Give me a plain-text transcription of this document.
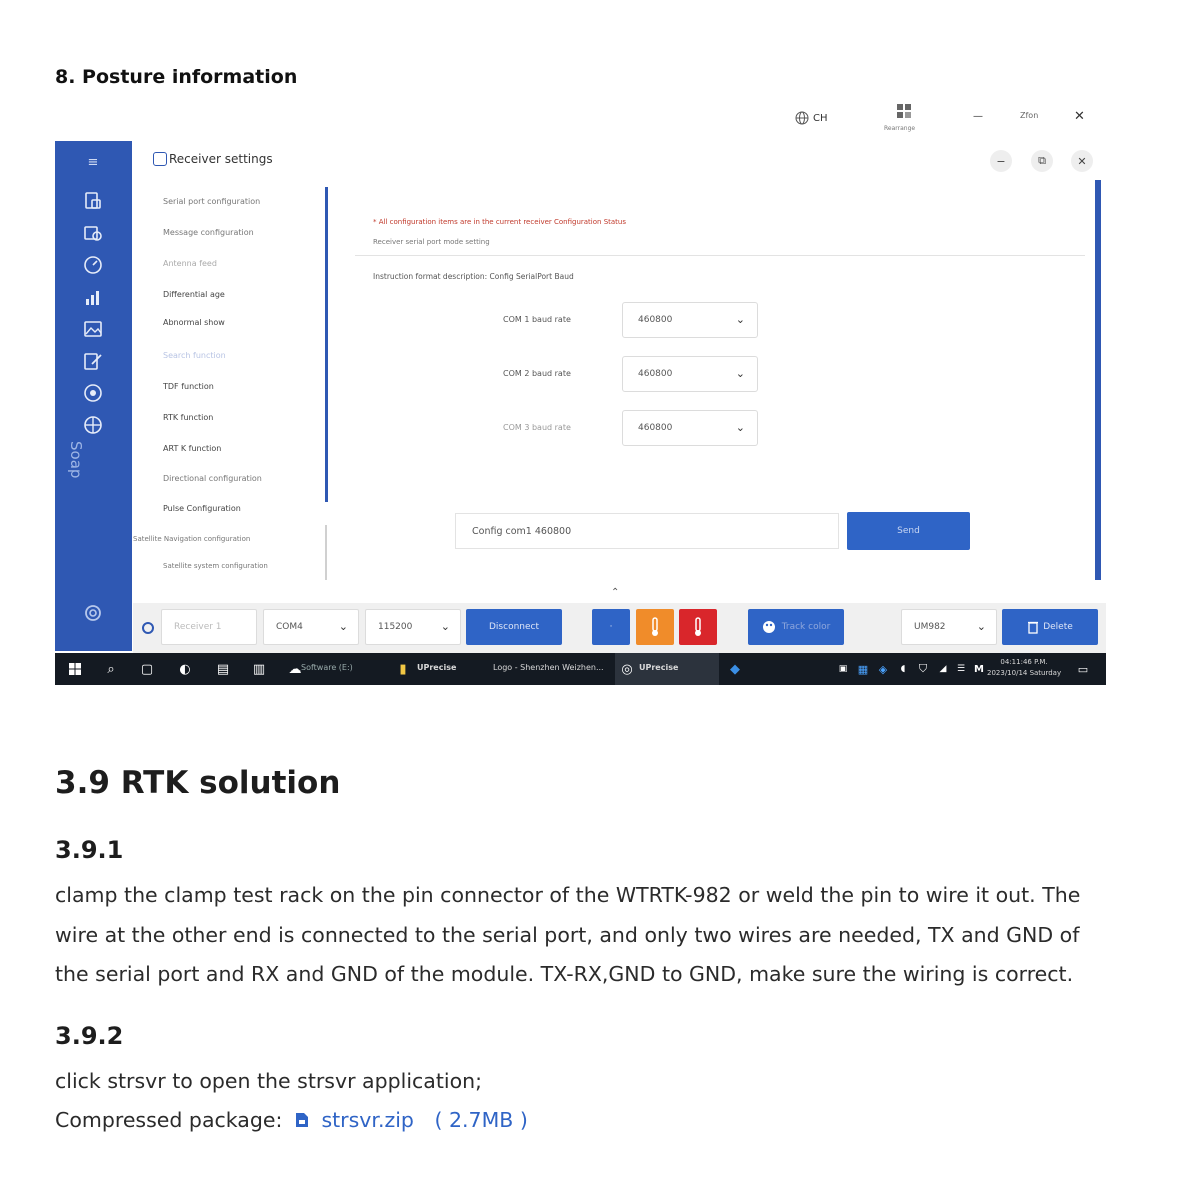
8. Posture information
CH
Rearrange
—	Zfon	✕
≡
Soap
Receiver settings	−	⧉	✕
Serial port configuration
Message configuration
Antenna feed
Differential age
Abnormal show
Search function
TDF function
RTK function
ART K function
Directional configuration
Pulse Configuration
Satellite Navigation configuration
Satellite system configuration
* All configuration items are in the current receiver Configuration Status
Receiver serial port mode setting
Instruction format description: Config SerialPort Baud
COM 1 baud rate	460800	⌄
COM 2 baud rate	460800	⌄
COM 3 baud rate	460800	⌄
Config com1 460800	Send
⌃
Receiver 1	COM4	⌄	115200	⌄	Disconnect	·	Track color	UM982	⌄	Delete
⌕	▢ ◐ ▤ ▥ ☁ Software (E:)	▮	UPrecise	Logo - Shenzhen Weizhen... ◎ UPrecise	◆	▣ ▦ ◈	◖	⛉	◢	☰ M
04:11:46 P.M.
2023/10/14 Saturday ▭
3.9 RTK solution
3.9.1
clamp the clamp test rack on the pin connector of the WTRTK-982 or weld the pin to wire it out. The wire at the other end is connected to the serial port, and only two wires are needed, TX and GND of the serial port and RX and GND of the module. TX-RX,GND to GND, make sure the wiring is correct.
3.9.2
click strsvr to open the strsvr application;
Compressed package: strsvr.zip ( 2.7MB )
